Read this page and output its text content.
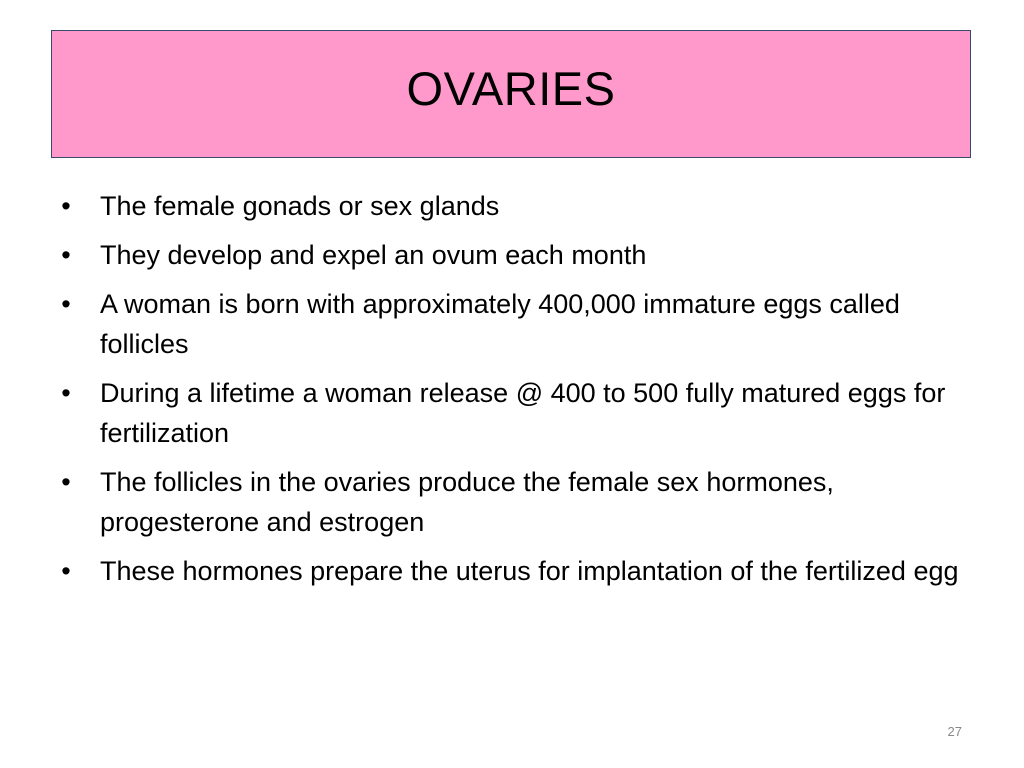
OVARIES
• The female gonads or sex glands
• They develop and expel an ovum each month
• A woman is born with approximately 400,000 immature eggs called follicles
• During a lifetime a woman release @ 400 to 500 fully matured eggs for fertilization
• The follicles in the ovaries produce the female sex hormones, progesterone and estrogen
• These hormones prepare the uterus for implantation of the fertilized egg
27
